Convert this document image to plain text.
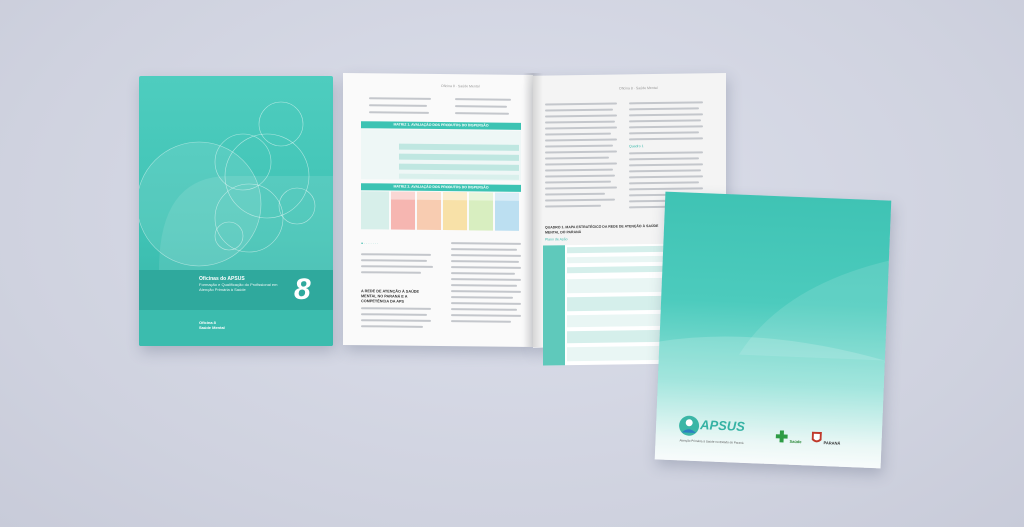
Oficinas do APSUS
Formação e Qualificação do Profissional em Atenção Primária à Saúde	8
Oficina 8
Saúde Mental
Oficina 8 · Saúde Mental
MATRIZ 1. AVALIAÇÃO DOS PRODUTOS DO DISPERSÃO
MATRIZ 2. AVALIAÇÃO DOS PRODUTOS DO DISPERSÃO
● · · · · · · ·
A REDE DE ATENÇÃO À SAÚDE MENTAL NO PARANÁ E A COMPETÊNCIA DA APS
Oficina 8 · Saúde Mental
Quadro 1
QUADRO 1. MAPA ESTRATÉGICO DA REDE DE ATENÇÃO À SAÚDE MENTAL DO PARANÁ
Plano de Ação
APSUS
Atenção Primária à Saúde no Estado do Paraná	Saúde	PARANÁ
